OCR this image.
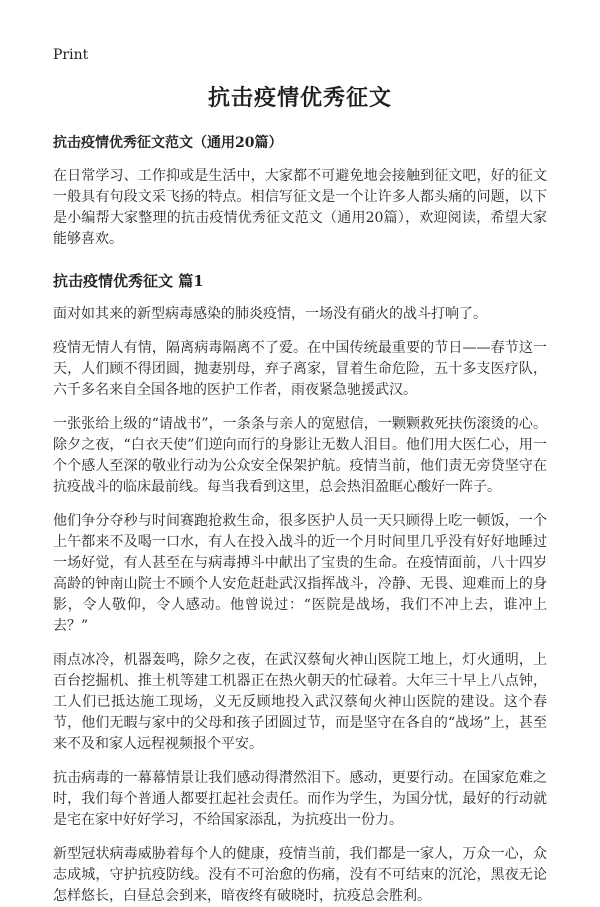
Print
抗击疫情优秀征文

抗击疫情优秀征文范文（通用20篇）

在日常学习、工作抑或是生活中，大家都不可避免地会接触到征文吧，好的征文一般具有句段文采飞扬的特点。相信写征文是一个让许多人都头痛的问题，以下是小编帮大家整理的抗击疫情优秀征文范文（通用20篇），欢迎阅读，希望大家能够喜欢。

抗击疫情优秀征文 篇1

面对如其来的新型病毒感染的肺炎疫情，一场没有硝火的战斗打响了。

疫情无情人有情，隔离病毒隔离不了爱。在中国传统最重要的节日——春节这一天，人们顾不得团圆，抛妻别母，弃子离家，冒着生命危险，五十多支医疗队，六千多名来自全国各地的医护工作者，雨夜紧急驰援武汉。

一张张给上级的“请战书”，一条条与亲人的宽慰信，一颗颗救死扶伤滚烫的心。除夕之夜，“白衣天使”们逆向而行的身影让无数人泪目。他们用大医仁心，用一个个感人至深的敬业行动为公众安全保架护航。疫情当前，他们责无旁贷坚守在抗疫战斗的临床最前线。每当我看到这里，总会热泪盈眶心酸好一阵子。

他们争分夺秒与时间赛跑抢救生命，很多医护人员一天只顾得上吃一顿饭，一个上午都来不及喝一口水，有人在投入战斗的近一个月时间里几乎没有好好地睡过一场好觉，有人甚至在与病毒搏斗中献出了宝贵的生命。在疫情面前，八十四岁高龄的钟南山院士不顾个人安危赶赴武汉指挥战斗，冷静、无畏、迎难而上的身影，令人敬仰，令人感动。他曾说过：“医院是战场，我们不冲上去，谁冲上去？”

雨点冰冷，机器轰鸣，除夕之夜，在武汉蔡甸火神山医院工地上，灯火通明，上百台挖掘机、推土机等建工机器正在热火朝天的忙碌着。大年三十早上八点钟，工人们已抵达施工现场，义无反顾地投入武汉蔡甸火神山医院的建设。这个春节，他们无暇与家中的父母和孩子团圆过节，而是坚守在各自的“战场”上，甚至来不及和家人远程视频报个平安。

抗击病毒的一幕幕情景让我们感动得潸然泪下。感动，更要行动。在国家危难之时，我们每个普通人都要扛起社会责任。而作为学生，为国分忧，最好的行动就是宅在家中好好学习，不给国家添乱，为抗疫出一份力。

新型冠状病毒威胁着每个人的健康，疫情当前，我们都是一家人，万众一心，众志成城，守护抗疫防线。没有不可治愈的伤痛，没有不可结束的沉沦，黑夜无论怎样悠长，白昼总会到来，暗夜终有破晓时，抗疫总会胜利。
